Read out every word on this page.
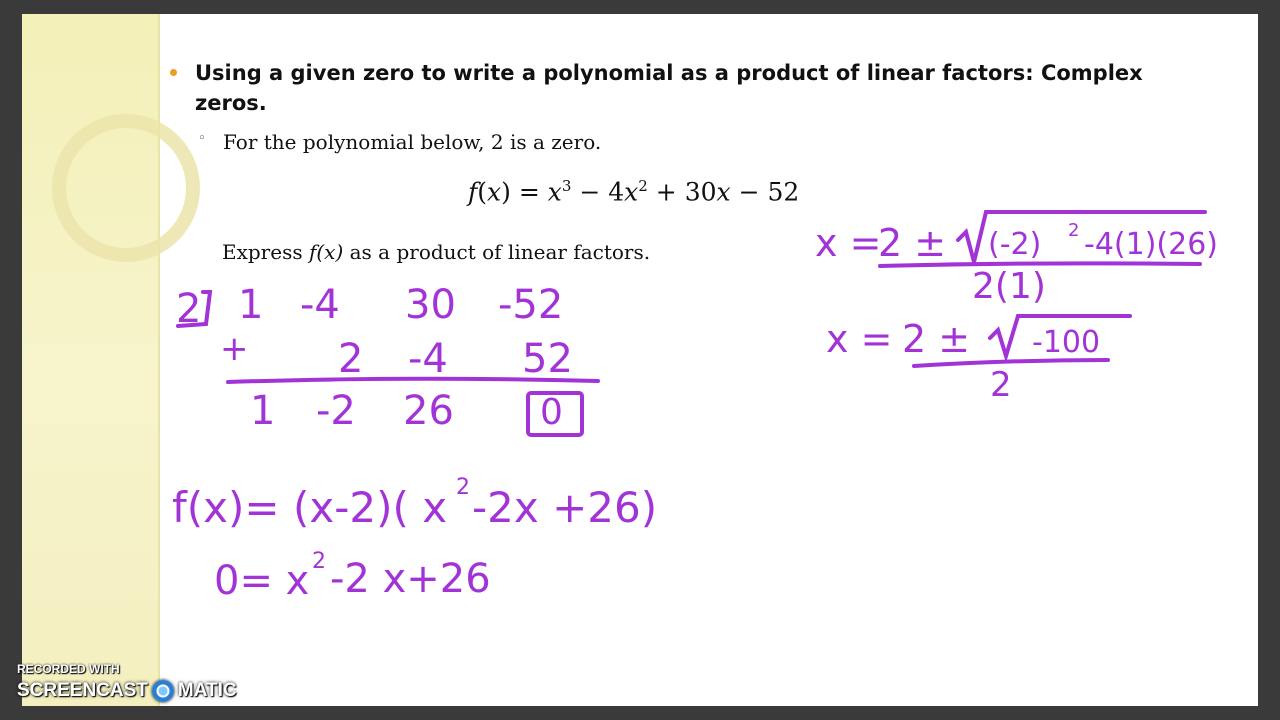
Using a given zero to write a polynomial as a product of linear factors: Complex zeros.
◦ For the polynomial below, 2 is a zero.
$f(x) = x^3 - 4x^2 + 30x - 52$
Express f(x) as a product of linear factors.
2 1 -4 30 -52
+ 2 -4 52
1 -2 26 0
f(x)= (x-2)( x 2 -2x +26)
0= x 2 -2 x+26
x =
2 ± (-2) 2 -4(1)(26)
2(1)
x = 2 ± -100
2
RECORDED WITH
SCREENCAST MATIC
